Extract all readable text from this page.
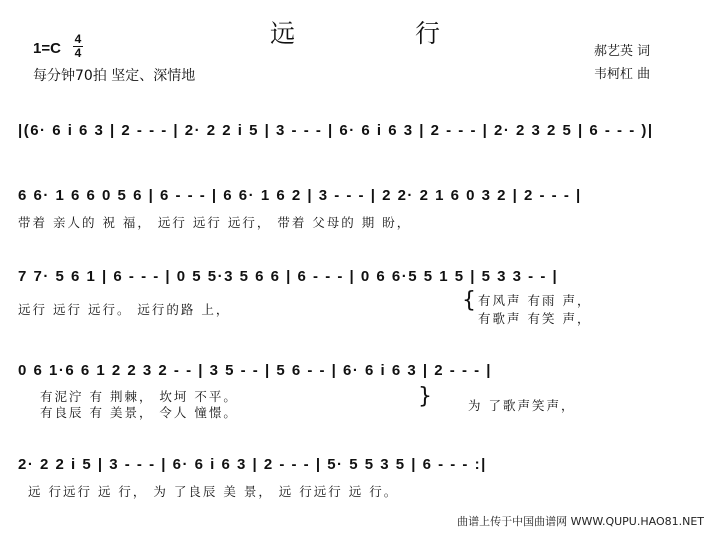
远 行
1=C
4
4
每分钟70拍 坚定、深情地
郝艺英 词
韦柯杠 曲
|(6· 6 i 6 3 | 2 - - - | 2· 2 2 i 5 | 3 - - - | 6· 6 i 6 3 | 2 - - - | 2· 2 3 2 5 | 6 - - - )|
6 6· 1 6 6 0 5 6 | 6 - - - | 6 6· 1 6 2 | 3 - - - | 2 2· 2 1 6 0 3 2 | 2 - - - |
带着 亲人的 祝 福， 远行 远行 远行， 带着 父母的 期 盼，
7 7· 5 6 1 | 6 - - - | 0 5 5·3 5 6 6 | 6 - - - | 0 6 6·5 5 1 5 | 5 3 3 - - |
远行 远行 远行。 远行的路 上，	{ 有风声 有雨 声，
有歌声 有笑 声，
0 6 1·6 6 1 2 2 3 2 - - | 3 5 - - | 5 6 - - | 6· 6 i 6 3 | 2 - - - |
有泥泞 有 荆棘， 坎坷 不平。
有良辰 有 美景， 令人 憧憬。
}	为 了歌声笑声，
2· 2 2 i 5 | 3 - - - | 6· 6 i 6 3 | 2 - - - | 5· 5 5 3 5 | 6 - - - :|
远 行远行 远 行， 为 了良辰 美 景， 远 行远行 远 行。
曲谱上传于中国曲谱网 WWW.QUPU.HAO81.NET
